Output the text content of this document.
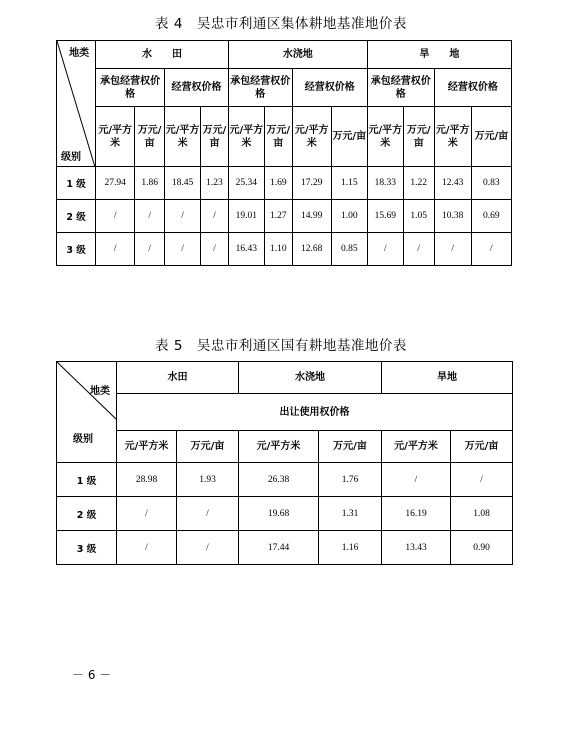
表 4　吴忠市利通区集体耕地基准地价表
地类
级别	水　　田				水浇地				旱　　地			
	承包经营权价　格		经营权价格		承包经营权价　格		经营权价格		承包经营权价　格		经营权价格	
	元/平方米	万元/亩	元/平方米	万元/亩	元/平方米	万元/亩	元/平方米	万元/亩	元/平方米	万元/亩	元/平方米	万元/亩
1 级	27.94	1.86	18.45	1.23	25.34	1.69	17.29	1.15	18.33	1.22	12.43	0.83
2 级	/	/	/	/	19.01	1.27	14.99	1.00	15.69	1.05	10.38	0.69
3 级	/	/	/	/	16.43	1.10	12.68	0.85	/	/	/	/
表 5　吴忠市利通区国有耕地基准地价表
地类
级别	水田		水浇地		旱地	
	出让使用权价格					
	元/平方米	万元/亩	元/平方米	万元/亩	元/平方米	万元/亩
1 级	28.98	1.93	26.38	1.76	/	/
2 级	/	/	19.68	1.31	16.19	1.08
3 级	/	/	17.44	1.16	13.43	0.90
－ 6 －
